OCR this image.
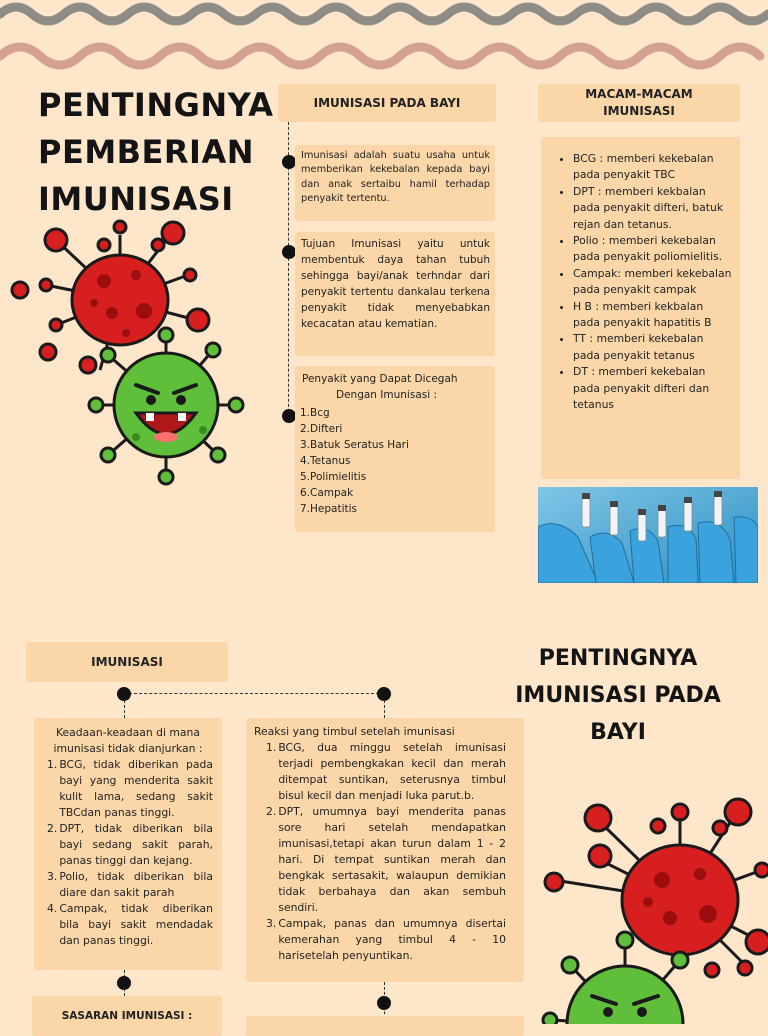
PENTINGNYA
PEMBERIAN
IMUNISASI
IMUNISASI PADA BAYI
Imunisasi adalah suatu usaha untuk memberikan kekebalan kepada bayi dan anak sertaibu hamil terhadap penyakit tertentu.
Tujuan Imunisasi yaitu untuk membentuk daya tahan tubuh sehingga bayi/anak terhndar dari penyakit tertentu dankalau terkena penyakit tidak menyebabkan kecacatan atau kematian.
Penyakit yang Dapat Dicegah
Dengan Imunisasi :
1.Bcg
2.Difteri
3.Batuk Seratus Hari
4.Tetanus
5.Polimielitis
6.Campak
7.Hepatitis
MACAM-MACAM
IMUNISASI
• BCG : memberi kekebalan pada penyakit TBC
• DPT : memberi kekbalan pada penyakit difteri, batuk rejan dan tetanus.
• Polio : memberi kekebalan pada penyakit poliomielitis.
• Campak: memberi kekebalan pada penyakit campak
• H B : memberi kekbalan pada penyakit hapatitis B
• TT : memberi kekebalan pada penyakit tetanus
• DT : memberi kekebalan pada penyakit difteri dan tetanus
IMUNISASI	PENTINGNYA
IMUNISASI PADA
BAYI
Keadaan-keadaan di mana imunisasi tidak dianjurkan :
1. BCG, tidak diberikan pada bayi yang menderita sakit kulit lama, sedang sakit TBCdan panas tinggi.
2. DPT, tidak diberikan bila bayi sedang sakit parah, panas tinggi dan kejang.
3. Polio, tidak diberikan bila diare dan sakit parah
4. Campak, tidak diberikan bila bayi sakit mendadak dan panas tinggi.
Reaksi yang timbul setelah imunisasi
1. BCG, dua minggu setelah imunisasi terjadi pembengkakan kecil dan merah ditempat suntikan, seterusnya timbul bisul kecil dan menjadi luka parut.b.
2. DPT, umumnya bayi menderita panas sore hari setelah mendapatkan imunisasi,tetapi akan turun dalam 1 - 2 hari. Di tempat suntikan merah dan bengkak sertasakit, walaupun demikian tidak berbahaya dan akan sembuh sendiri.
3. Campak, panas dan umumnya disertai kemerahan yang timbul 4 - 10 harisetelah penyuntikan.
SASARAN IMUNISASI :
